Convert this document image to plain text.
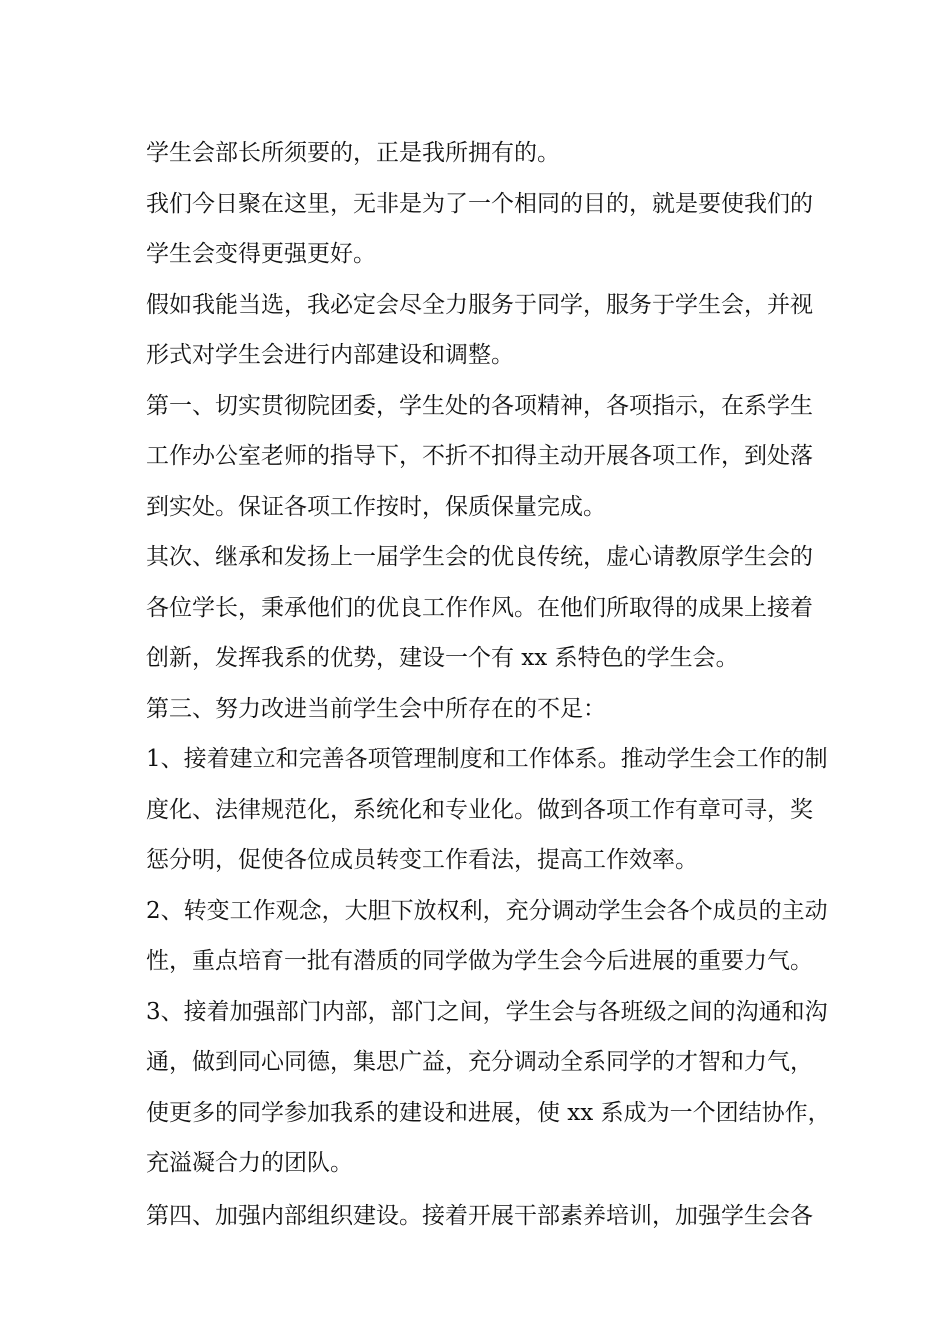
学生会部长所须要的，正是我所拥有的。
我们今日聚在这里，无非是为了一个相同的目的，就是要使我们的
学生会变得更强更好。
假如我能当选，我必定会尽全力服务于同学，服务于学生会，并视
形式对学生会进行内部建设和调整。
第一、切实贯彻院团委，学生处的各项精神，各项指示，在系学生
工作办公室老师的指导下，不折不扣得主动开展各项工作，到处落
到实处。保证各项工作按时，保质保量完成。
其次、继承和发扬上一届学生会的优良传统，虚心请教原学生会的
各位学长，秉承他们的优良工作作风。在他们所取得的成果上接着
创新，发挥我系的优势，建设一个有 xx 系特色的学生会。
第三、努力改进当前学生会中所存在的不足：
1、接着建立和完善各项管理制度和工作体系。推动学生会工作的制
度化、法律规范化，系统化和专业化。做到各项工作有章可寻，奖
惩分明，促使各位成员转变工作看法，提高工作效率。
2、转变工作观念，大胆下放权利，充分调动学生会各个成员的主动
性，重点培育一批有潜质的同学做为学生会今后进展的重要力气。
3、接着加强部门内部，部门之间，学生会与各班级之间的沟通和沟
通，做到同心同德，集思广益，充分调动全系同学的才智和力气，
使更多的同学参加我系的建设和进展，使 xx 系成为一个团结协作，
充溢凝合力的团队。
第四、加强内部组织建设。接着开展干部素养培训，加强学生会各
